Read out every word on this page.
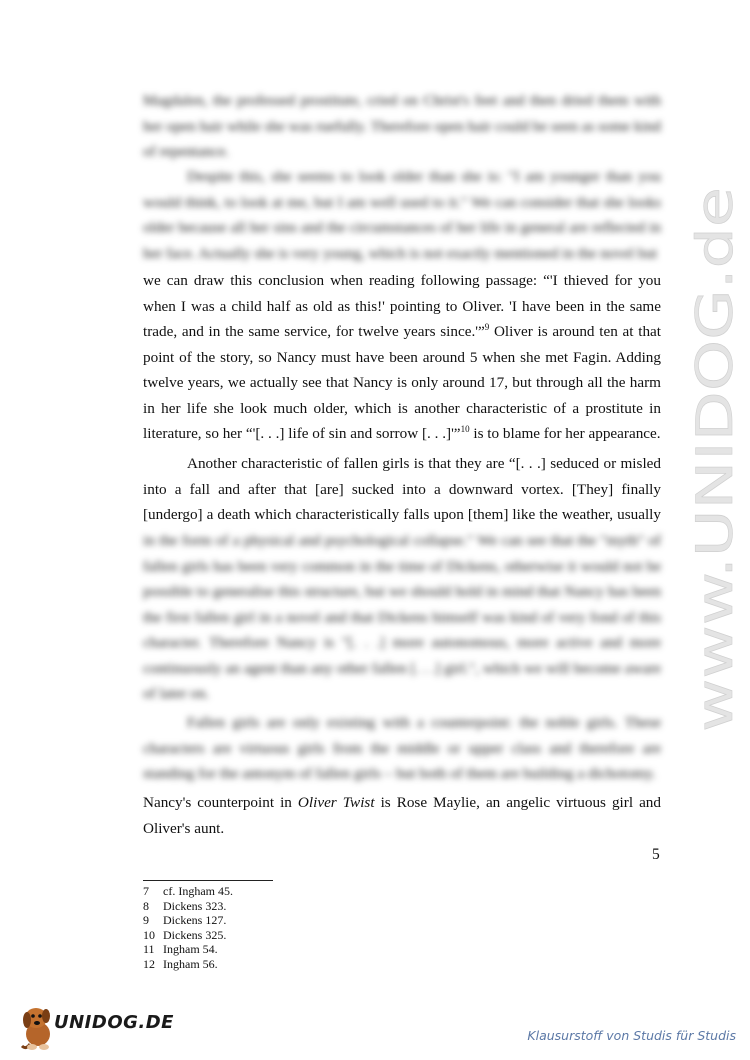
www.UNIDOG.de

Magdalen, the professed prostitute, cried on Christ's feet and then dried them with her open hair while she was ruefully. Therefore open hair could be seen as some kind of repentance.

Despite this, she seems to look older than she is: "I am younger than you would think, to look at me, but I am well used to it." We can consider that she looks older because all her sins and the circumstances of her life in general are reflected in her face. Actually she is very young, which is not exactly mentioned in the novel but

we can draw this conclusion when reading following passage: “'I thieved for you when I was a child half as old as this!' pointing to Oliver. 'I have been in the same trade, and in the same service, for twelve years since.'”$^9$ Oliver is around ten at that point of the story, so Nancy must have been around 5 when she met Fagin. Adding twelve years, we actually see that Nancy is only around 17, but through all the harm in her life she look much older, which is another characteristic of a prostitute in literature, so her “'[. . .] life of sin and sorrow [. . .]'”$^{10}$ is to blame for her appearance.

Another characteristic of fallen girls is that they are “[. . .] seduced or misled into a fall and after that [are] sucked into a downward vortex. [They] finally [undergo] a death which characteristically falls upon [them] like the weather, usually

in the form of a physical and psychological collapse." We can see that the "myth" of fallen girls has been very common in the time of Dickens, otherwise it would not be possible to generalise this structure, but we should hold in mind that Nancy has been the first fallen girl in a novel and that Dickens himself was kind of very fond of this character. Therefore Nancy is "[. . .] more autonomous, more active and more continuously an agent than any other fallen [. . .] girl.", which we will become aware of later on.

Fallen girls are only existing with a counterpoint: the noble girls. These characters are virtuous girls from the middle or upper class and therefore are standing for the antonym of fallen girls – but both of them are building a dichotomy.

Nancy's counterpoint in Oliver Twist is Rose Maylie, an angelic virtuous girl and Oliver's aunt.

5
7	cf. Ingham 45.
8	Dickens 323.
9	Dickens 127.
10 Dickens 325.
11 Ingham 54.
12 Ingham 56.
UNIDOG.DE
Klausurstoff von Studis für Studis
